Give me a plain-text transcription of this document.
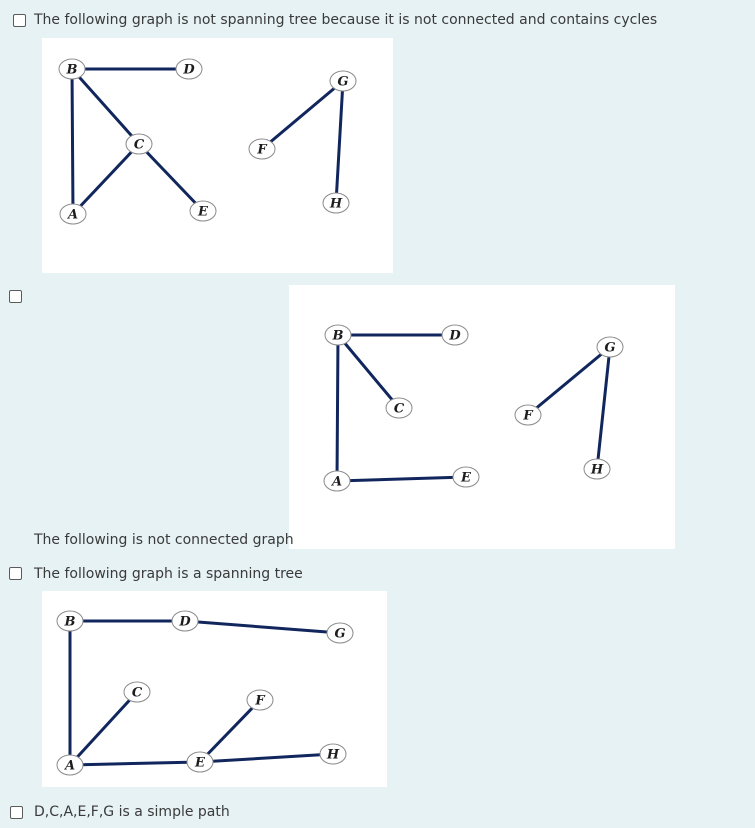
The following graph is not spanning tree because it is not connected and contains cycles
B	D
G
C	F
H
A	E
B	D
G
C	F
H
A	E
The following is not connected graph
The following graph is a spanning tree
B	D
G
C
F
A	E
H
D,C,A,E,F,G is a simple path
